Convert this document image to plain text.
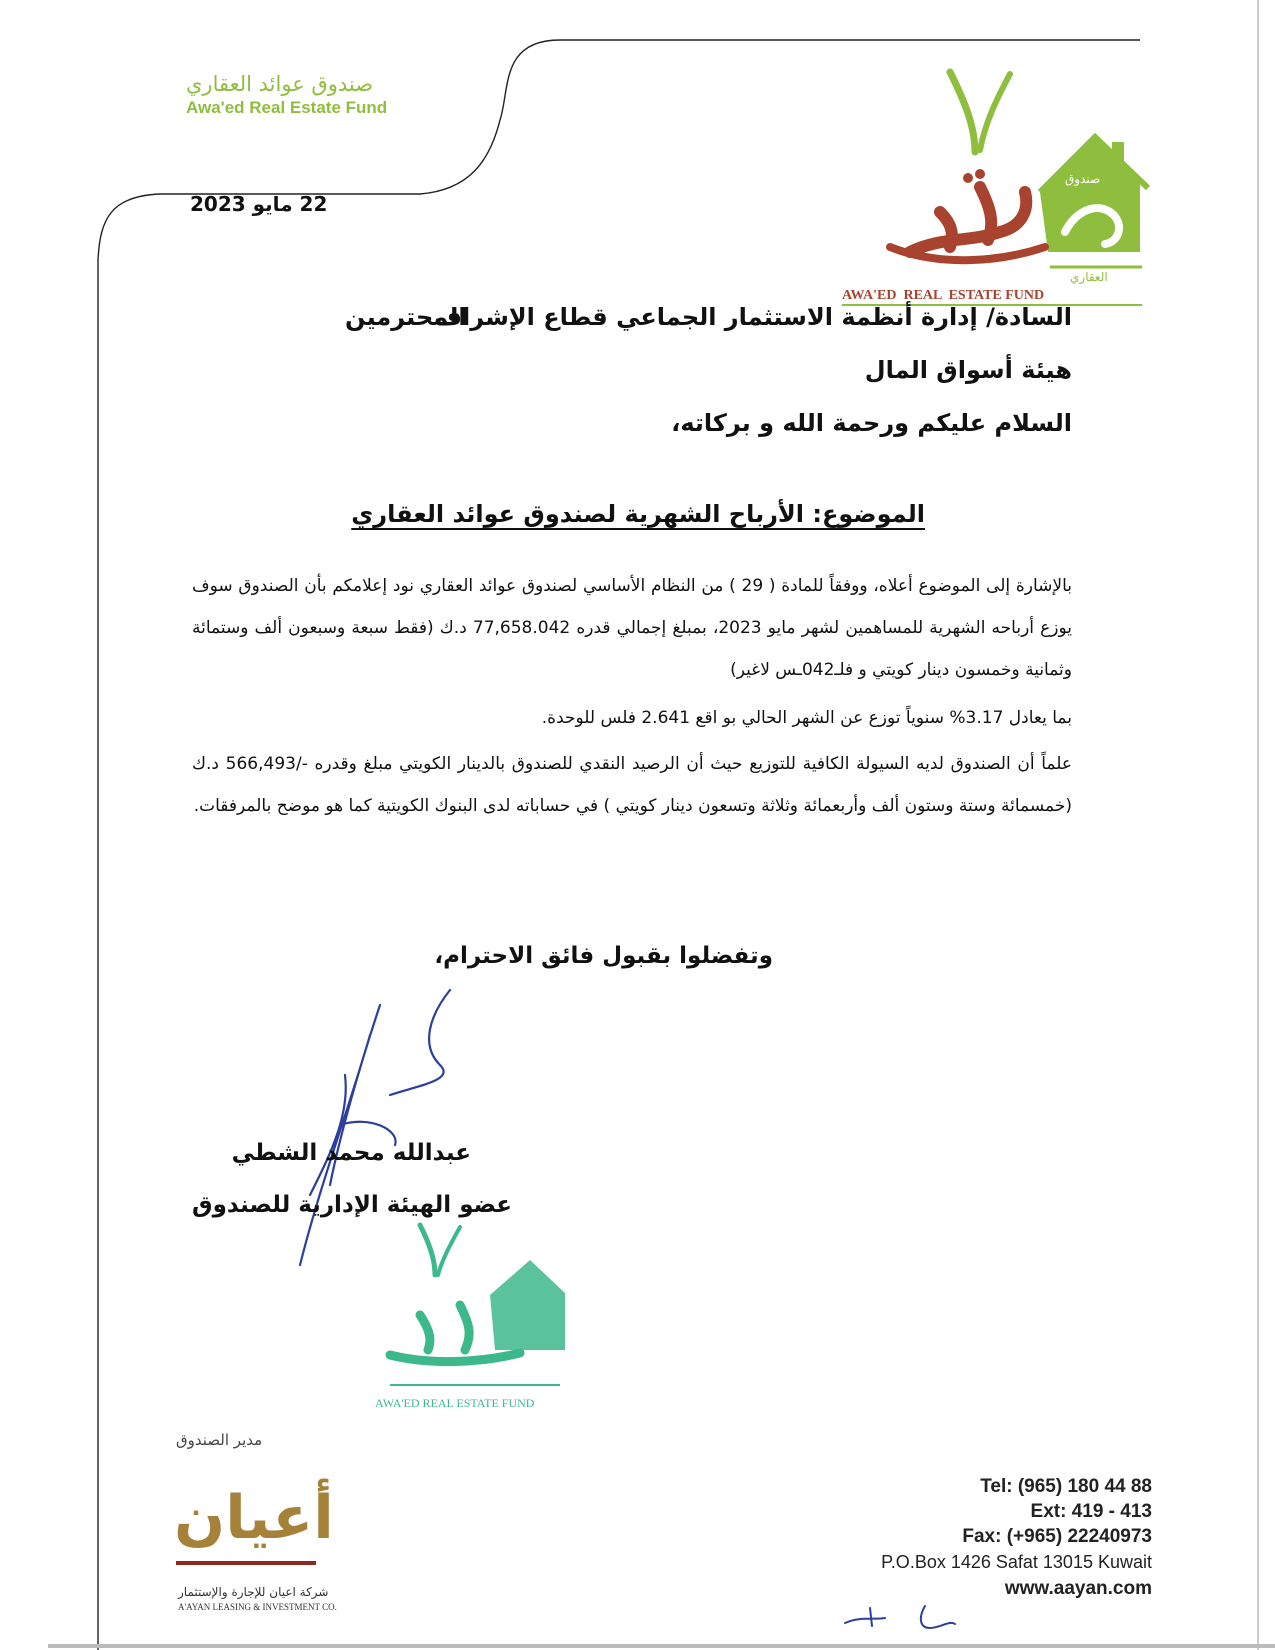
صندوق عوائد العقاري
Awa'ed Real Estate Fund
صندوق
العقاري
AWA'ED  REAL  ESTATE FUND
22 مايو 2023
السادة/ إدارة أنظمة الاستثمار الجماعي قطاع الإشراف
المحترمين
هيئة أسواق المال
السلام عليكم ورحمة الله و بركاته،
الموضوع: الأرباح الشهرية لصندوق عوائد العقاري
بالإشارة إلى الموضوع أعلاه، ووفقاً للمادة ( 29 ) من النظام الأساسي لصندوق عوائد العقاري نود إعلامكم بأن الصندوق سوف يوزع أرباحه الشهرية للمساهمين لشهر مايو 2023، بمبلغ إجمالي قدره 77,658.042 د.ك (فقط سبعة وسبعون ألف وستمائة وثمانية وخمسون دينار كويتي و فلـ042ـس لاغير)
بما يعادل 3.17% سنوياً توزع عن الشهر الحالي بو اقع 2.641 فلس للوحدة.
علماً أن الصندوق لديه السيولة الكافية للتوزيع حيث أن الرصيد النقدي للصندوق بالدينار الكويتي مبلغ وقدره -/566,493 د.ك (خمسمائة وستة وستون ألف وأربعمائة وثلاثة وتسعون دينار كويتي ) في حساباته لدى البنوك الكويتية كما هو موضح بالمرفقات.
وتفضلوا بقبول فائق الاحترام،
عبدالله محمد الشطي
عضو الهيئة الإدارية للصندوق
AWA'ED REAL ESTATE FUND
مدير الصندوق
أعيان
شركة اعيان للإجارة والإستثمار
A'AYAN LEASING & INVESTMENT CO.
Tel: (965) 180 44 88
Ext: 419 - 413
Fax: (+965) 22240973
P.O.Box 1426 Safat 13015 Kuwait
www.aayan.com
